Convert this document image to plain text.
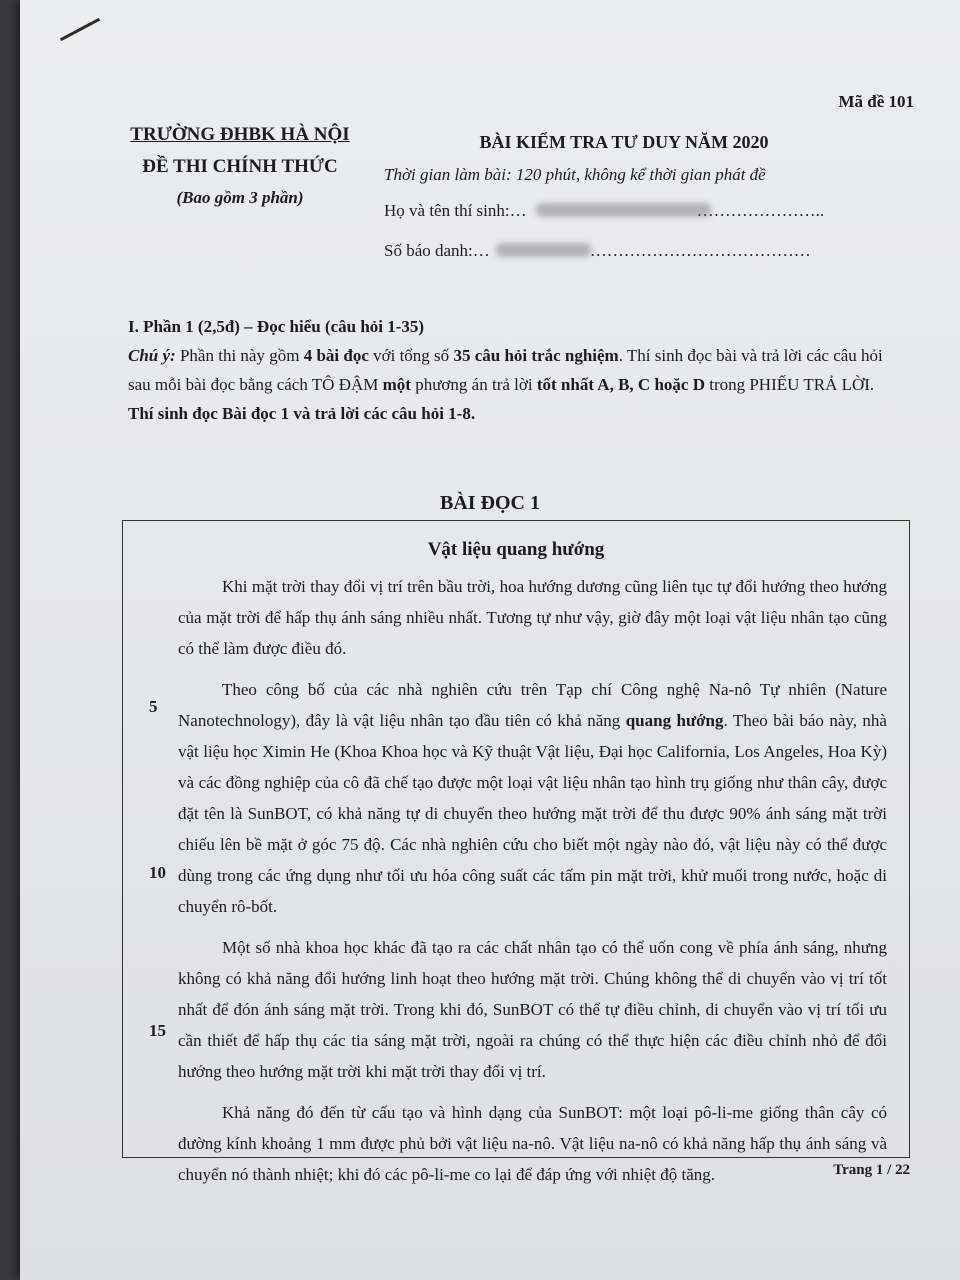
Mã đề 101
TRƯỜNG ĐHBK HÀ NỘI
ĐỀ THI CHÍNH THỨC
(Bao gồm 3 phần)
BÀI KIỂM TRA TƯ DUY NĂM 2020
Thời gian làm bài: 120 phút, không kể thời gian phát đề
Họ và tên thí sinh:…	…………………..
Số báo danh:…	…………………………………
I. Phần 1 (2,5đ) – Đọc hiểu (câu hỏi 1-35)
Chú ý: Phần thi này gồm 4 bài đọc với tổng số 35 câu hỏi trắc nghiệm. Thí sinh đọc bài và trả lời các câu hỏi sau mỗi bài đọc bằng cách TÔ ĐẬM một phương án trả lời tốt nhất A, B, C hoặc D trong PHIẾU TRẢ LỜI.
Thí sinh đọc Bài đọc 1 và trả lời các câu hỏi 1-8.
BÀI ĐỌC 1
Vật liệu quang hướng
5
10
15

Khi mặt trời thay đổi vị trí trên bầu trời, hoa hướng dương cũng liên tục tự đổi hướng theo hướng của mặt trời để hấp thụ ánh sáng nhiều nhất. Tương tự như vậy, giờ đây một loại vật liệu nhân tạo cũng có thể làm được điều đó.

Theo công bố của các nhà nghiên cứu trên Tạp chí Công nghệ Na-nô Tự nhiên (Nature Nanotechnology), đây là vật liệu nhân tạo đầu tiên có khả năng quang hướng. Theo bài báo này, nhà vật liệu học Ximin He (Khoa Khoa học và Kỹ thuật Vật liệu, Đại học California, Los Angeles, Hoa Kỳ) và các đồng nghiệp của cô đã chế tạo được một loại vật liệu nhân tạo hình trụ giống như thân cây, được đặt tên là SunBOT, có khả năng tự di chuyển theo hướng mặt trời để thu được 90% ánh sáng mặt trời chiếu lên bề mặt ở góc 75 độ. Các nhà nghiên cứu cho biết một ngày nào đó, vật liệu này có thể được dùng trong các ứng dụng như tối ưu hóa công suất các tấm pin mặt trời, khử muối trong nước, hoặc di chuyển rô-bốt.

Một số nhà khoa học khác đã tạo ra các chất nhân tạo có thể uốn cong về phía ánh sáng, nhưng không có khả năng đổi hướng linh hoạt theo hướng mặt trời. Chúng không thể di chuyển vào vị trí tốt nhất để đón ánh sáng mặt trời. Trong khi đó, SunBOT có thể tự điều chỉnh, di chuyển vào vị trí tối ưu cần thiết để hấp thụ các tia sáng mặt trời, ngoài ra chúng có thể thực hiện các điều chỉnh nhỏ để đổi hướng theo hướng mặt trời khi mặt trời thay đổi vị trí.

Khả năng đó đến từ cấu tạo và hình dạng của SunBOT: một loại pô-li-me giống thân cây có đường kính khoảng 1 mm được phủ bởi vật liệu na-nô. Vật liệu na-nô có khả năng hấp thụ ánh sáng và chuyển nó thành nhiệt; khi đó các pô-li-me co lại để đáp ứng với nhiệt độ tăng.	Trang 1 / 22
